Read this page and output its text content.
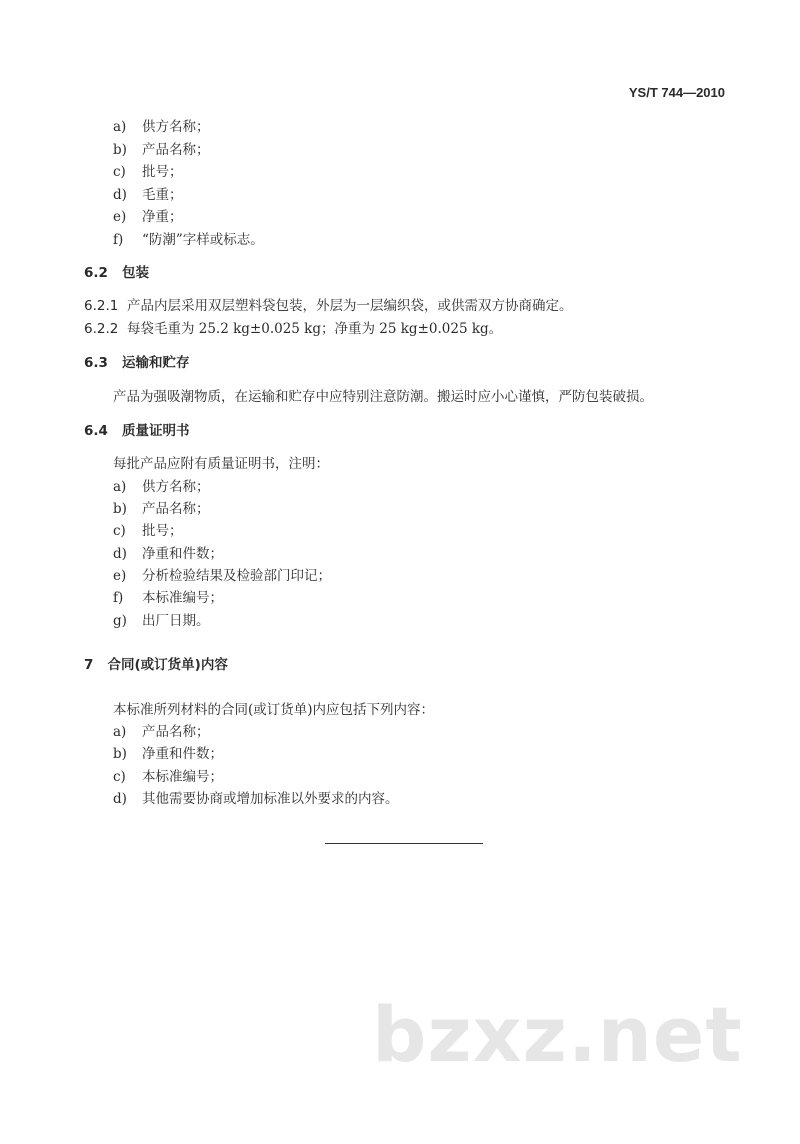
YS/T 744—2010
a) 供方名称；
b) 产品名称；
c) 批号；
d) 毛重；
e) 净重；
f) “防潮”字样或标志。
6.2 包装
6.2.1 产品内层采用双层塑料袋包装，外层为一层编织袋，或供需双方协商确定。
6.2.2 每袋毛重为 25.2 kg±0.025 kg；净重为 25 kg±0.025 kg。
6.3 运输和贮存
产品为强吸潮物质，在运输和贮存中应特别注意防潮。搬运时应小心谨慎，严防包装破损。
6.4 质量证明书
每批产品应附有质量证明书，注明：
a) 供方名称；
b) 产品名称；
c) 批号；
d) 净重和件数；
e) 分析检验结果及检验部门印记；
f) 本标准编号；
g) 出厂日期。
7 合同(或订货单)内容
本标准所列材料的合同(或订货单)内应包括下列内容：
a) 产品名称；
b) 净重和件数；
c) 本标准编号；
d) 其他需要协商或增加标准以外要求的内容。
bzxz.net
